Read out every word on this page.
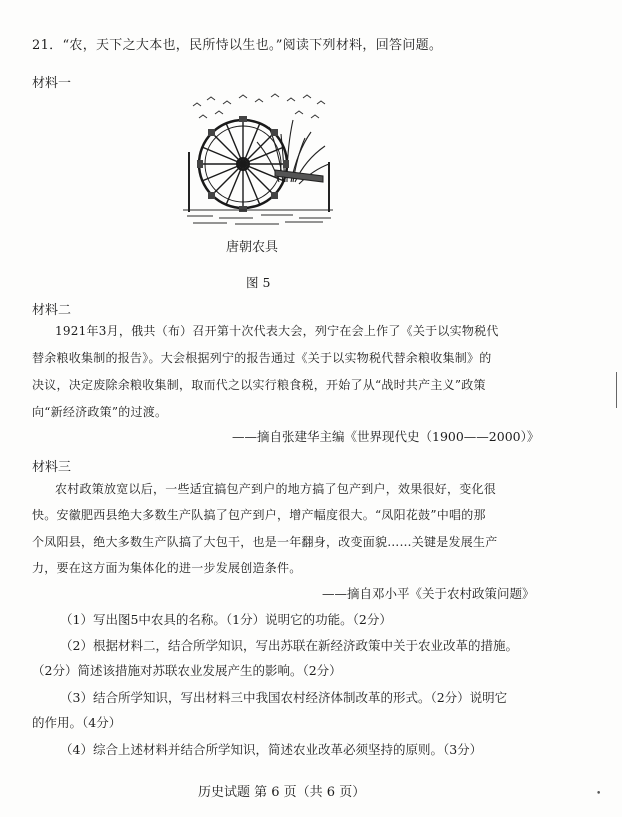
21．“农，天下之大本也，民所恃以生也。”阅读下列材料，回答问题。
材料一
唐朝农具
图 5
材料二
1921年3月，俄共（布）召开第十次代表大会，列宁在会上作了《关于以实物税代
替余粮收集制的报告》。大会根据列宁的报告通过《关于以实物税代替余粮收集制》的
决议，决定废除余粮收集制，取而代之以实行粮食税，开始了从“战时共产主义”政策
向“新经济政策”的过渡。
——摘自张建华主编《世界现代史（1900——2000）》
材料三
农村政策放宽以后，一些适宜搞包产到户的地方搞了包产到户，效果很好，变化很
快。安徽肥西县绝大多数生产队搞了包产到户，增产幅度很大。“凤阳花鼓”中唱的那
个凤阳县，绝大多数生产队搞了大包干，也是一年翻身，改变面貌……关键是发展生产
力，要在这方面为集体化的进一步发展创造条件。
——摘自邓小平《关于农村政策问题》
（1）写出图5中农具的名称。（1分）说明它的功能。（2分）
（2）根据材料二，结合所学知识，写出苏联在新经济政策中关于农业改革的措施。
（2分）简述该措施对苏联农业发展产生的影响。（2分）
（3）结合所学知识，写出材料三中我国农村经济体制改革的形式。（2分）说明它
的作用。（4分）
（4）综合上述材料并结合所学知识，简述农业改革必须坚持的原则。（3分）
历史试题 第 6 页（共 6 页）	•
